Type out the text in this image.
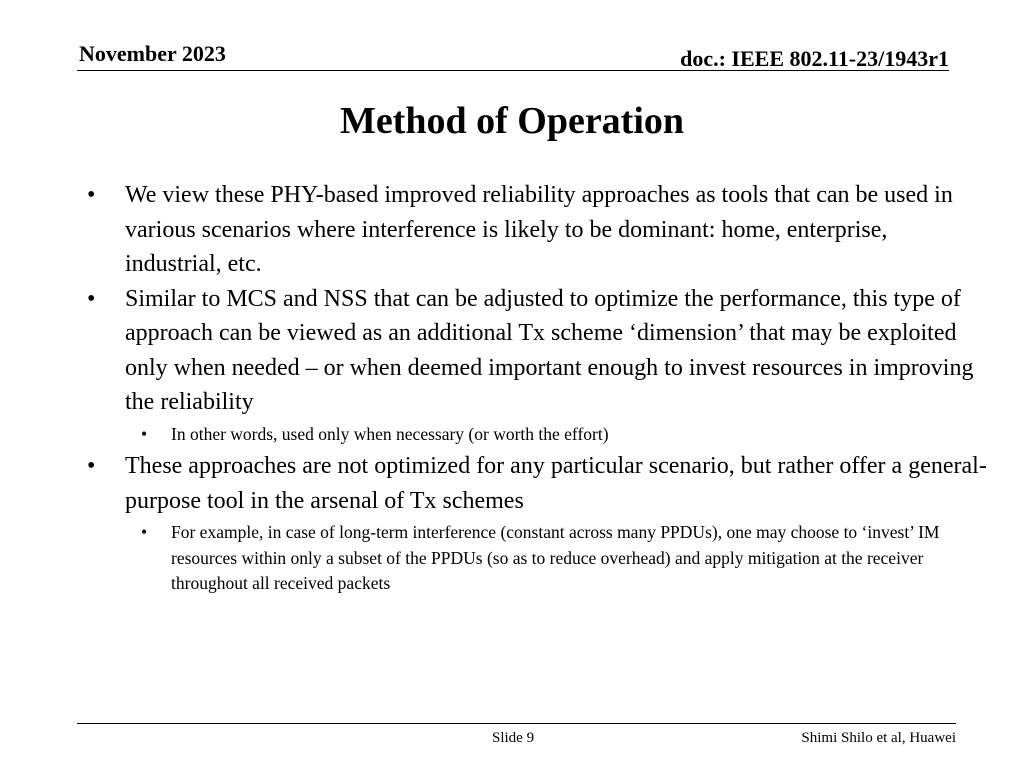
November 2023	doc.: IEEE 802.11-23/1943r1
Method of Operation
•	We view these PHY-based improved reliability approaches as tools that can be used in various scenarios where interference is likely to be dominant: home, enterprise, industrial, etc.
•	Similar to MCS and NSS that can be adjusted to optimize the performance, this type of approach can be viewed as an additional Tx scheme ‘dimension’ that may be exploited only when needed – or when deemed important enough to invest resources in improving the reliability
• In other words, used only when necessary (or worth the effort)
•	These approaches are not optimized for any particular scenario, but rather offer a general-purpose tool in the arsenal of Tx schemes
• For example, in case of long-term interference (constant across many PPDUs), one may choose to ‘invest’ IM resources within only a subset of the PPDUs (so as to reduce overhead) and apply mitigation at the receiver throughout all received packets
Slide 9	Shimi Shilo et al, Huawei
